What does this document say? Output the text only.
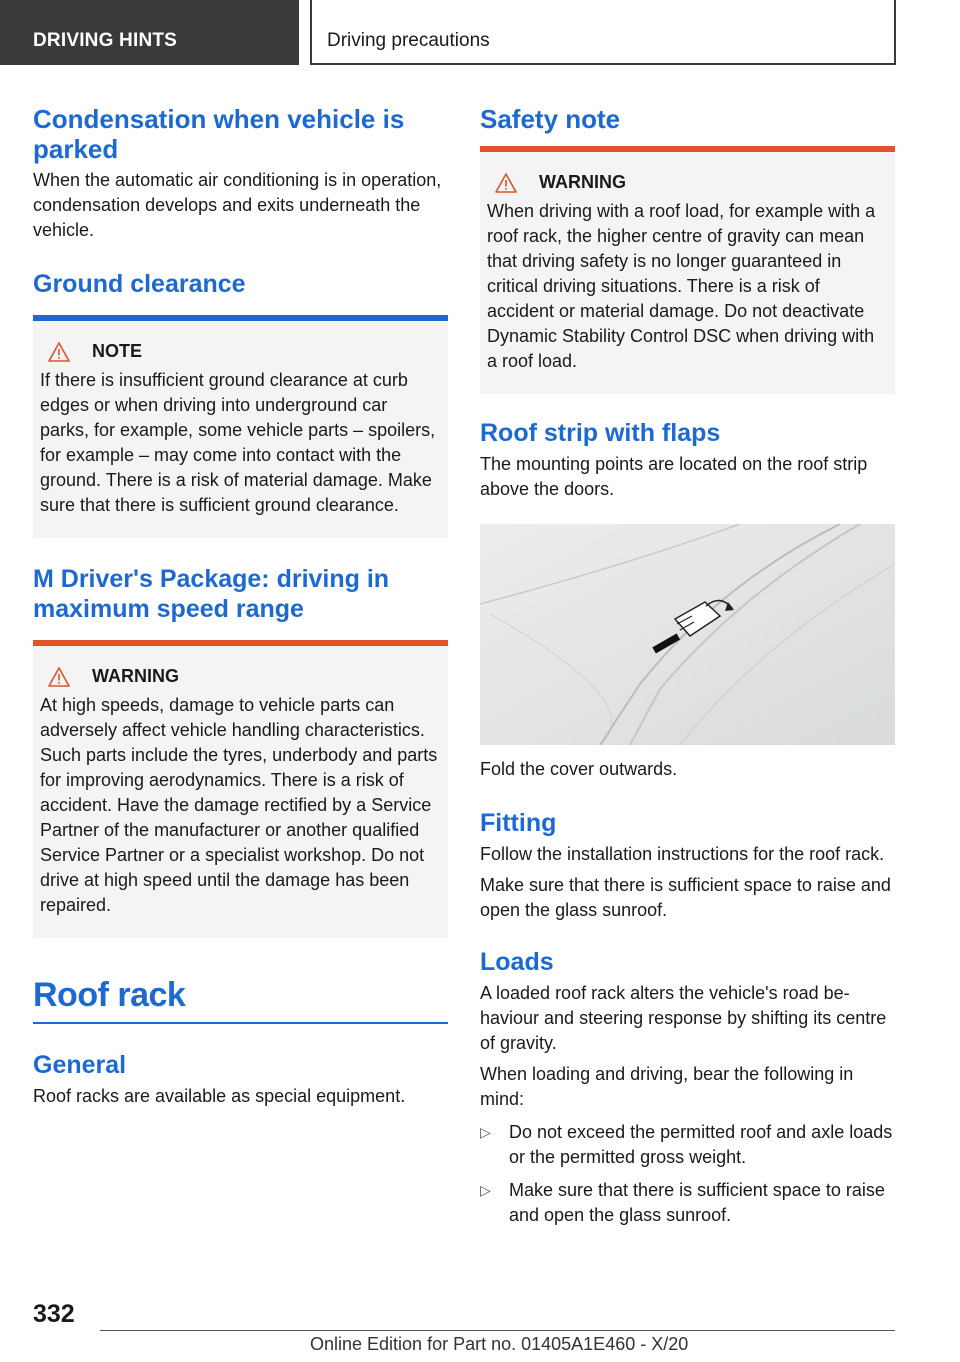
DRIVING HINTS	Driving precautions
Condensation when vehicle is parked

When the automatic air conditioning is in operation, condensation develops and exits underneath the vehicle.

Ground clearance
NOTE

If there is insufficient ground clearance at curb edges or when driving into underground car parks, for example, some vehicle parts – spoilers, for example – may come into contact with the ground. There is a risk of material damage. Make sure that there is sufficient ground clearance.

M Driver's Package: driving in maximum speed range
WARNING

At high speeds, damage to vehicle parts can adversely affect vehicle handling characteristics. Such parts include the tyres, underbody and parts for improving aerodynamics. There is a risk of accident. Have the damage rectified by a Service Partner of the manufacturer or another qualified Service Partner or a specialist workshop. Do not drive at high speed until the damage has been repaired.

Roof rack
General

Roof racks are available as special equipment.

Safety note
WARNING

When driving with a roof load, for example with a roof rack, the higher centre of gravity can mean that driving safety is no longer guaranteed in critical driving situations. There is a risk of accident or material damage. Do not deactivate Dynamic Stability Control DSC when driving with a roof load.

Roof strip with flaps

The mounting points are located on the roof strip above the doors.

Fold the cover outwards.

Fitting

Follow the installation instructions for the roof rack.

Make sure that there is sufficient space to raise and open the glass sunroof.

Loads

A loaded roof rack alters the vehicle's road behaviour and steering response by shifting its centre of gravity.

When loading and driving, bear the following in mind:

▷ Do not exceed the permitted roof and axle loads or the permitted gross weight.
▷ Make sure that there is sufficient space to raise and open the glass sunroof.
332
Online Edition for Part no. 01405A1E460 - X/20
